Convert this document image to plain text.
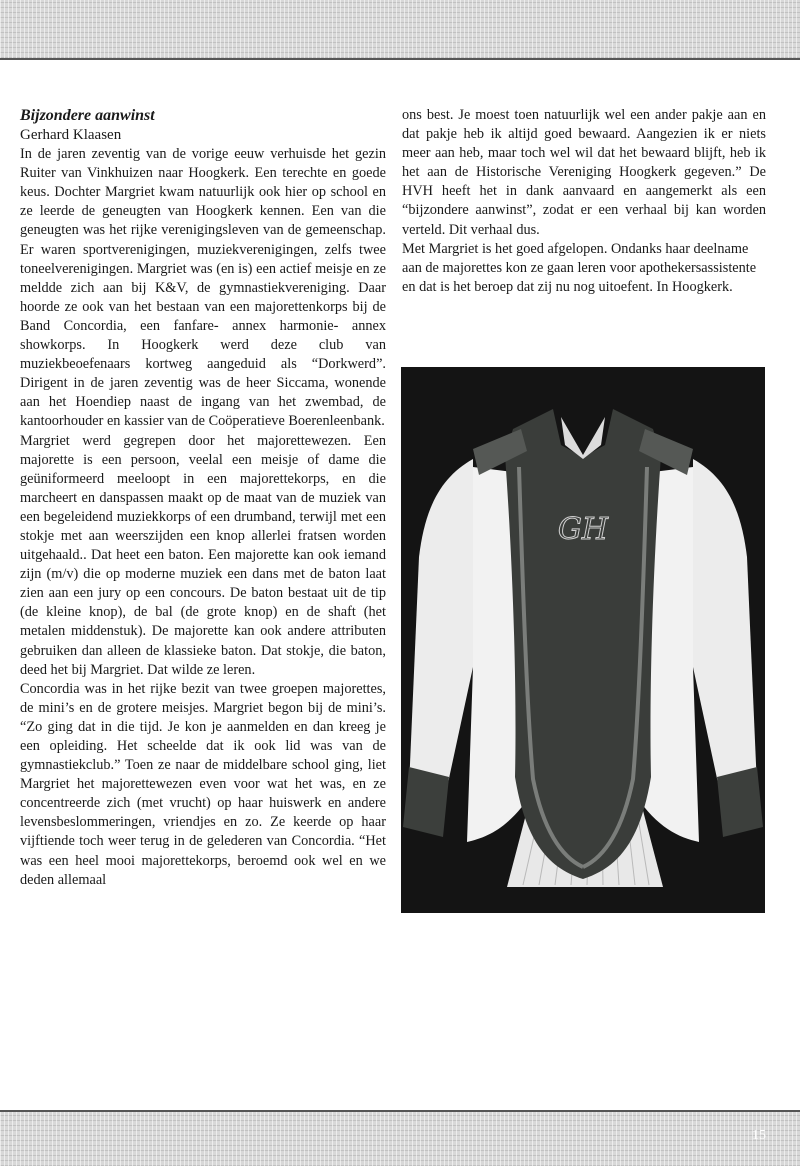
Bijzondere aanwinst

Gerhard Klaasen

In de jaren zeventig van de vorige eeuw verhuisde het gezin Ruiter van Vinkhuizen naar Hoogkerk. Een terechte en goede keus. Dochter Margriet kwam natuurlijk ook hier op school en ze leerde de geneugten van Hoogkerk kennen. Een van die geneugten was het rijke verenigingsleven van de gemeenschap. Er waren sportverenigingen, muziekverenigingen, zelfs twee toneelverenigingen. Margriet was (en is) een actief meisje en ze meldde zich aan bij K&V, de gymnastiekvereniging. Daar hoorde ze ook van het bestaan van een majorettenkorps bij de Band Concordia, een fanfare- annex harmonie- annex showkorps. In Hoogkerk werd deze club van muziekbeoefenaars kortweg aangeduid als “Dorkwerd”. Dirigent in de jaren zeventig was de heer Siccama, wonende aan het Hoendiep naast de ingang van het zwembad, de kantoorhouder en kassier van de Coöperatieve Boerenleenbank.

Margriet werd gegrepen door het majorettewezen. Een majorette is een persoon, veelal een meisje of dame die geüniformeerd meeloopt in een majorettekorps, en die marcheert en danspassen maakt op de maat van de muziek van een begeleidend muziekkorps of een drumband, terwijl met een stokje met aan weerszijden een knop allerlei fratsen worden uitgehaald.. Dat heet een baton. Een majorette kan ook iemand zijn (m/v) die op moderne muziek een dans met de baton laat zien aan een jury op een concours. De baton bestaat uit de tip (de kleine knop), de bal (de grote knop) en de shaft (het metalen middenstuk). De majorette kan ook andere attributen gebruiken dan alleen de klassieke baton. Dat stokje, die baton, deed het bij Margriet. Dat wilde ze leren.

Concordia was in het rijke bezit van twee groepen majorettes, de mini’s en de grotere meisjes. Margriet begon bij de mini’s. “Zo ging dat in die tijd. Je kon je aanmelden en dan kreeg je een opleiding. Het scheelde dat ik ook lid was van de gymnastiekclub.” Toen ze naar de middelbare school ging, liet Margriet het majorettewezen even voor wat het was, en ze concentreerde zich (met vrucht) op haar huiswerk en andere levensbeslommeringen, vriendjes en zo. Ze keerde op haar vijftiende toch weer terug in de gelederen van Concordia. “Het was een heel mooi majorettekorps, beroemd ook wel en we deden allemaal

ons best. Je moest toen natuurlijk wel een ander pakje aan en dat pakje heb ik altijd goed bewaard. Aangezien ik er niets meer aan heb, maar toch wel wil dat het bewaard blijft, heb ik het aan de Historische Vereniging Hoogkerk gegeven.” De HVH heeft het in dank aanvaard en aangemerkt als een “bijzondere aanwinst”, zodat er een verhaal bij kan worden verteld. Dit verhaal dus.

Met Margriet is het goed afgelopen. Ondanks haar deelname aan de majorettes kon ze gaan leren voor apothekersassistente en dat is het beroep dat zij nu nog uitoefent. In Hoogkerk.

GH
15
